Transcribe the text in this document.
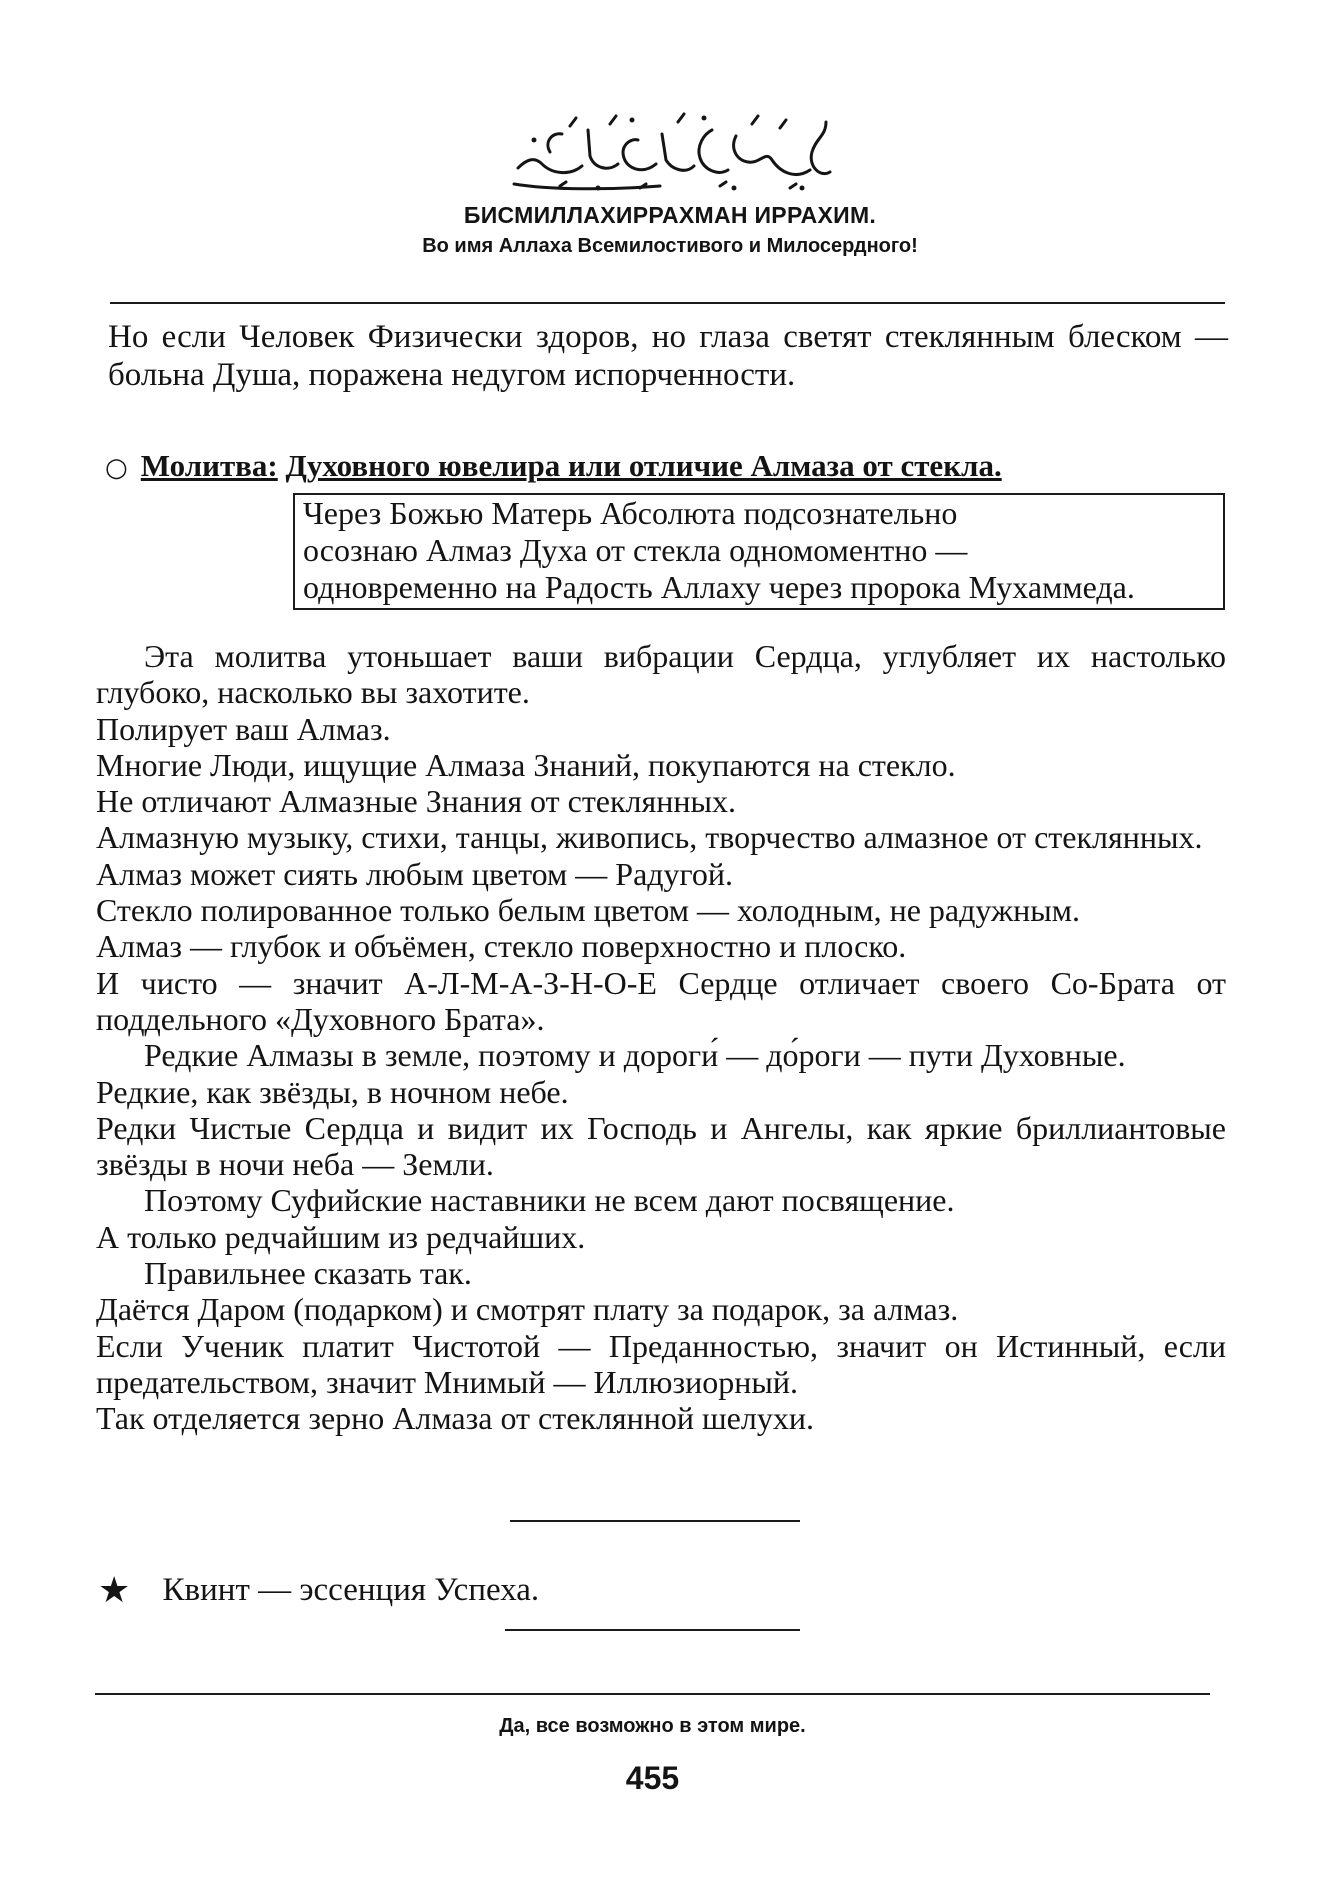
БИСМИЛЛАХИРРАХМАН ИРРАХИМ.
Во имя Аллаха Всемилостивого и Милосердного!
Но если Человек Физически здоров, но глаза светят стеклянным блеском —больна Душа, поражена недугом испорченности.
○ Молитва: Духовного ювелира или отличие Алмаза от стекла.
Через Божью Матерь Абсолюта подсознательно
осознаю Алмаз Духа от стекла одномоментно —
одновременно на Радость Аллаху через пророка Мухаммеда.

Эта молитва утоньшает ваши вибрации Сердца, углубляет их настолько глубоко, насколько вы захотите.

Полирует ваш Алмаз.

Многие Люди, ищущие Алмаза Знаний, покупаются на стекло.

Не отличают Алмазные Знания от стеклянных.

Алмазную музыку, стихи, танцы, живопись, творчество алмазное от стеклянных.

Алмаз может сиять любым цветом — Радугой.

Стекло полированное только белым цветом — холодным, не радужным.

Алмаз — глубок и объёмен, стекло поверхностно и плоско.

И чисто — значит А-Л-М-А-З-Н-О-Е Сердце отличает своего Со-Брата от поддельного «Духовного Брата».

Редкие Алмазы в земле, поэтому и дороги́ — до́роги — пути Духовные.

Редкие, как звёзды, в ночном небе.

Редки Чистые Сердца и видит их Господь и Ангелы, как яркие бриллиантовые звёзды в ночи неба — Земли.

Поэтому Суфийские наставники не всем дают посвящение.

А только редчайшим из редчайших.

Правильнее сказать так.

Даётся Даром (подарком) и смотрят плату за подарок, за алмаз.

Если Ученик платит Чистотой — Преданностью, значит он Истинный, если предательством, значит Мнимый — Иллюзиорный.

Так отделяется зерно Алмаза от стеклянной шелухи.

★ Квинт — эссенция Успеха.
Да, все возможно в этом мире.
455
